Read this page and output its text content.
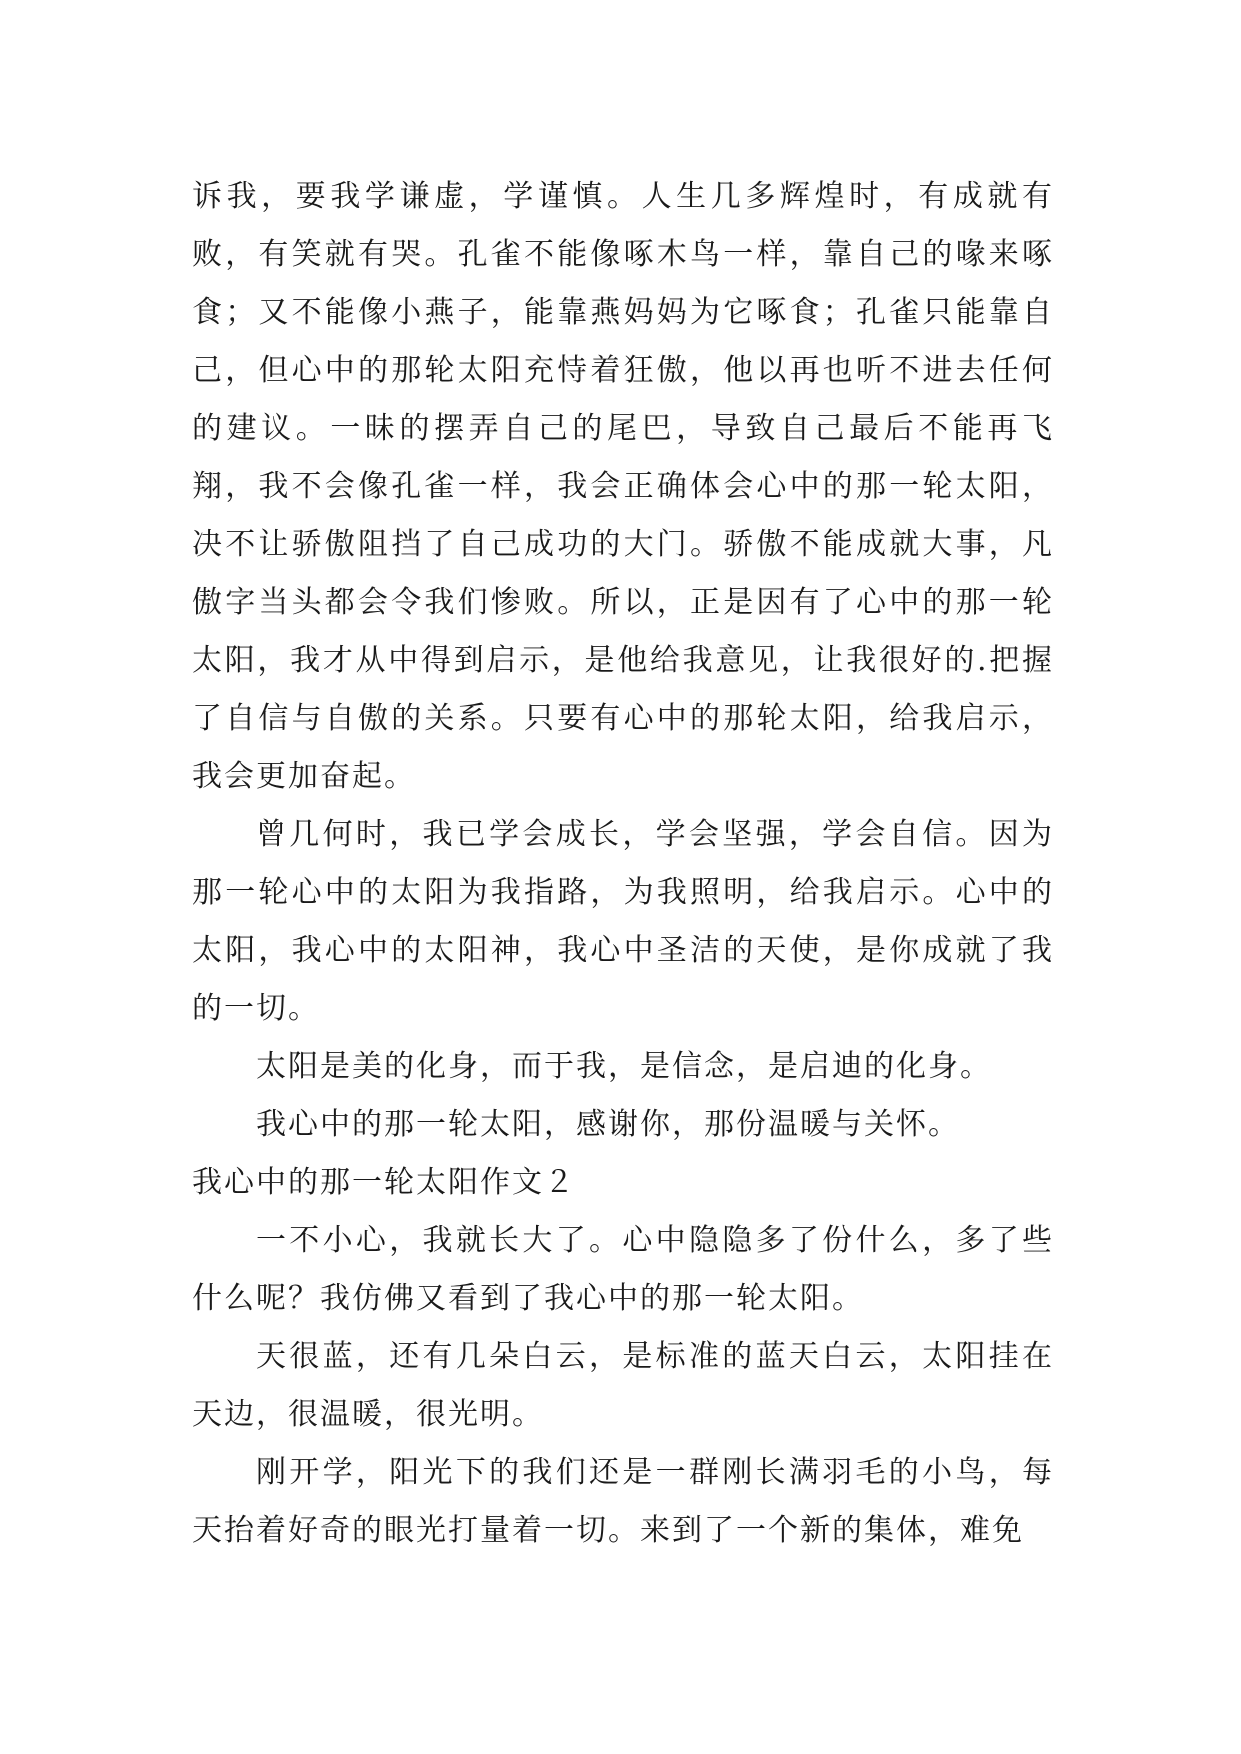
诉我，要我学谦虚，学谨慎。人生几多辉煌时，有成就有败，有笑就有哭。孔雀不能像啄木鸟一样，靠自己的喙来啄食；又不能像小燕子，能靠燕妈妈为它啄食；孔雀只能靠自己，但心中的那轮太阳充恃着狂傲，他以再也听不进去任何的建议。一昧的摆弄自己的尾巴，导致自己最后不能再飞翔，我不会像孔雀一样，我会正确体会心中的那一轮太阳，决不让骄傲阻挡了自己成功的大门。骄傲不能成就大事，凡傲字当头都会令我们惨败。所以，正是因有了心中的那一轮太阳，我才从中得到启示，是他给我意见，让我很好的.把握了自信与自傲的关系。只要有心中的那轮太阳，给我启示，我会更加奋起。

曾几何时，我已学会成长，学会坚强，学会自信。因为那一轮心中的太阳为我指路，为我照明，给我启示。心中的太阳，我心中的太阳神，我心中圣洁的天使，是你成就了我的一切。

太阳是美的化身，而于我，是信念，是启迪的化身。

我心中的那一轮太阳，感谢你，那份温暖与关怀。

我心中的那一轮太阳作文２

一不小心，我就长大了。心中隐隐多了份什么，多了些什么呢？我仿佛又看到了我心中的那一轮太阳。

天很蓝，还有几朵白云，是标准的蓝天白云，太阳挂在天边，很温暖，很光明。

刚开学，阳光下的我们还是一群刚长满羽毛的小鸟，每天抬着好奇的眼光打量着一切。来到了一个新的集体，难免
